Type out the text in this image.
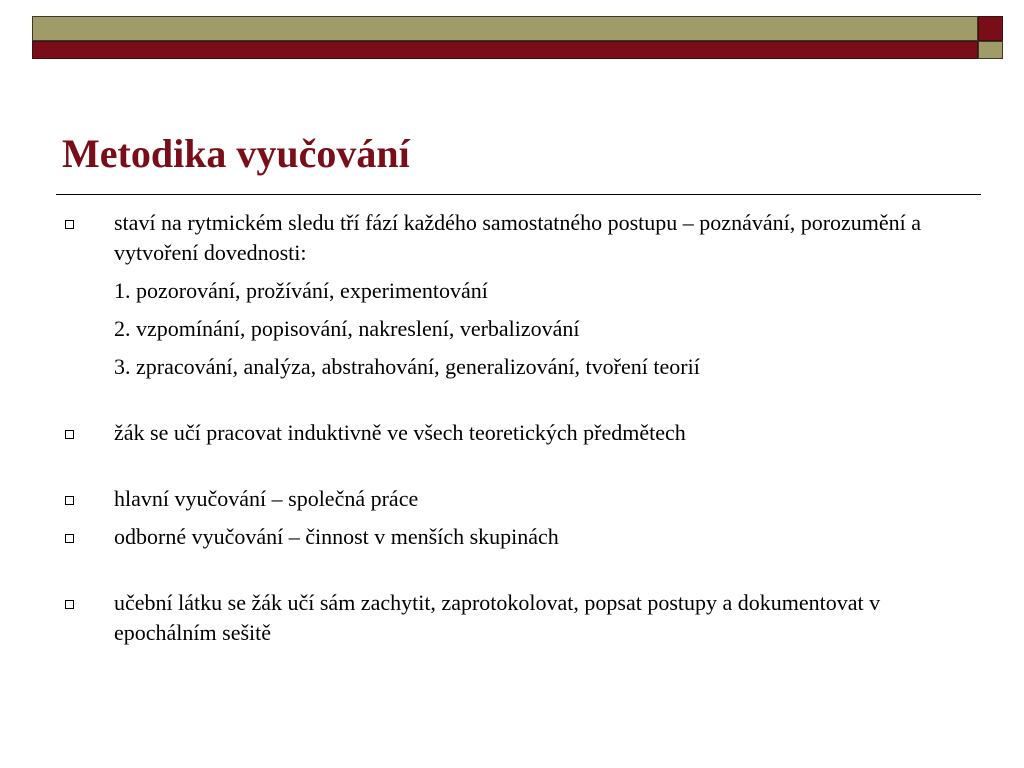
Metodika vyučování
staví na rytmickém sledu tří fází každého samostatného postupu – poznávání, porozumění a vytvoření dovednosti:
1. pozorování, prožívání, experimentování
2. vzpomínání, popisování, nakreslení, verbalizování
3. zpracování, analýza, abstrahování, generalizování, tvoření teorií
žák se učí pracovat induktivně ve všech teoretických předmětech
hlavní vyučování – společná práce
odborné vyučování – činnost v menších skupinách
učební látku se žák učí sám zachytit, zaprotokolovat, popsat postupy a dokumentovat v epochálním sešitě
